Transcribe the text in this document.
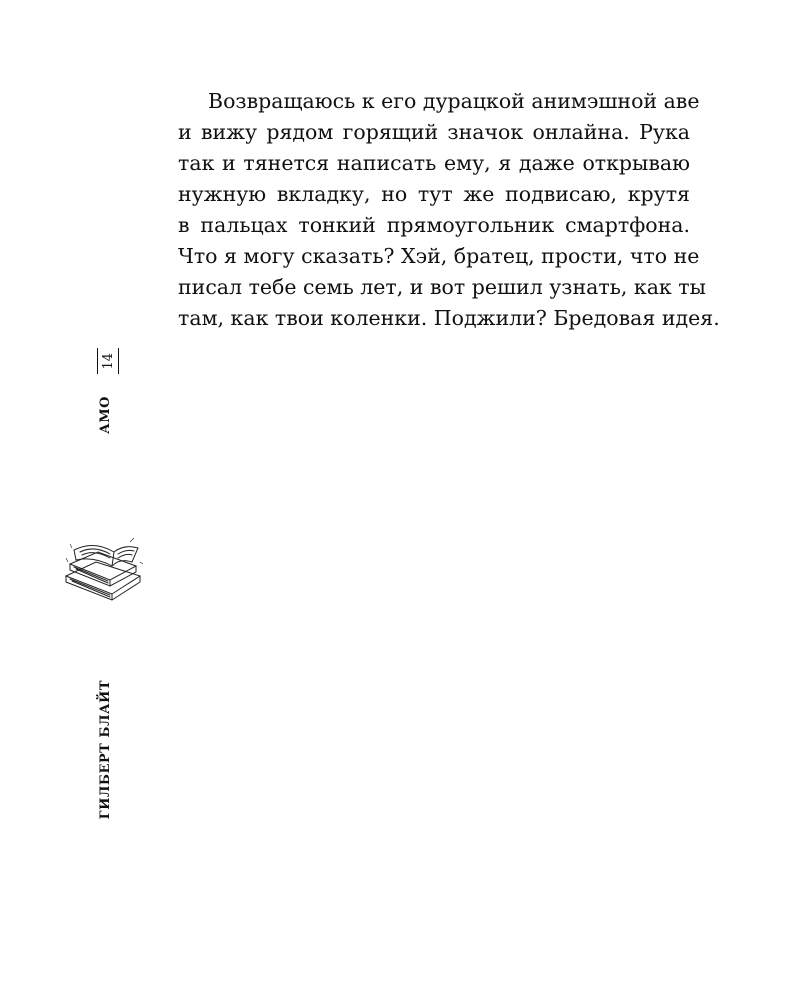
Возвращаюсь к его дурацкой анимэшной аве
и вижу рядом горящий значок онлайна. Рука
так и тянется написать ему, я даже открываю
нужную вкладку, но тут же подвисаю, крутя
в пальцах тонкий прямоугольник смартфона.
Что я могу сказать? Хэй, братец, прости, что не
писал тебе семь лет, и вот решил узнать, как ты
там, как твои коленки. Поджили? Бредовая идея.
14
АМО
ГИЛБЕРТ БЛАЙТ
